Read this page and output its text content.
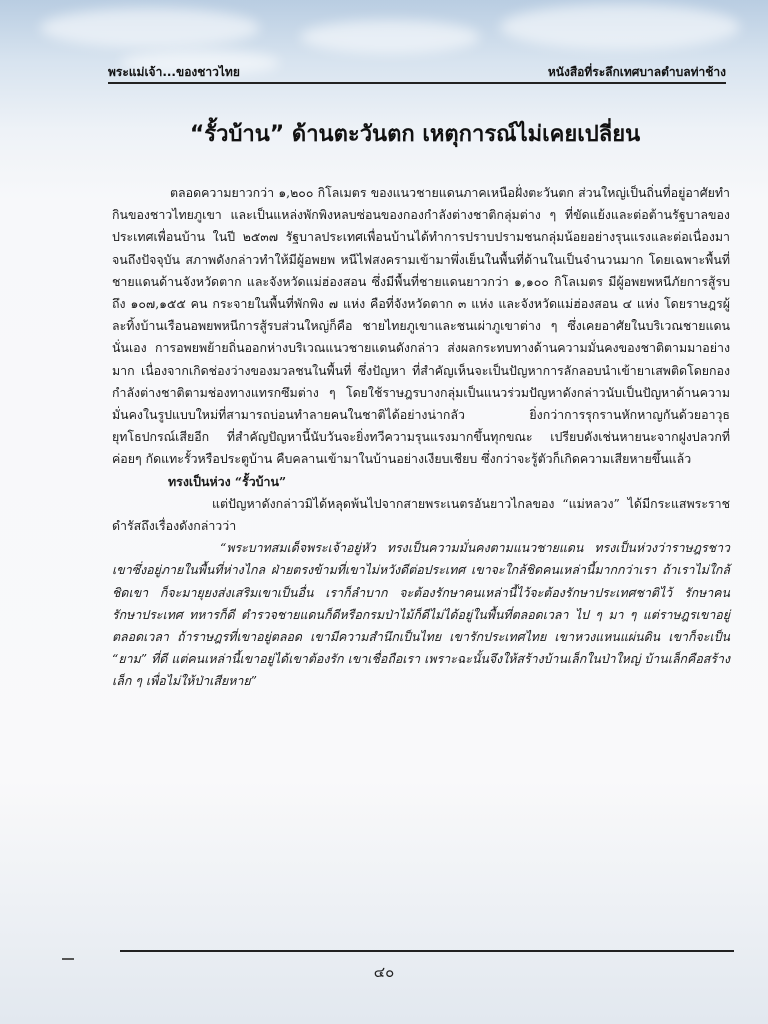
พระแม่เจ้า...ของชาวไทย	หนังสือที่ระลึกเทศบาลตำบลท่าช้าง
“รั้วบ้าน” ด้านตะวันตก เหตุการณ์ไม่เคยเปลี่ยน

ตลอดความยาวกว่า ๑,๒๐๐ กิโลเมตร ของแนวชายแดนภาคเหนือฝั่งตะวันตก ส่วนใหญ่เป็นถิ่นที่อยู่อาศัยทำกินของชาวไทยภูเขา และเป็นแหล่งพักพิงหลบซ่อนของกองกำลังต่างชาติกลุ่มต่าง ๆ ที่ขัดแย้งและต่อต้านรัฐบาลของประเทศเพื่อนบ้าน ในปี ๒๕๓๗ รัฐบาลประเทศเพื่อนบ้านได้ทำการปราบปรามชนกลุ่มน้อยอย่างรุนแรงและต่อเนื่องมาจนถึงปัจจุบัน สภาพดังกล่าวทำให้มีผู้อพยพ หนีไฟสงครามเข้ามาพึ่งเย็นในพื้นที่ด้านในเป็นจำนวนมาก โดยเฉพาะพื้นที่ชายแดนด้านจังหวัดตาก และจังหวัดแม่ฮ่องสอน ซึ่งมีพื้นที่ชายแดนยาวกว่า ๑,๑๐๐ กิโลเมตร มีผู้อพยพหนีภัยการสู้รบถึง ๑๐๗,๑๕๕ คน กระจายในพื้นที่พักพิง ๗ แห่ง คือที่จังหวัดตาก ๓ แห่ง และจังหวัดแม่ฮ่องสอน ๔ แห่ง โดยราษฎรผู้ละทิ้งบ้านเรือนอพยพหนีการสู้รบส่วนใหญ่ก็คือ ชายไทยภูเขาและชนเผ่าภูเขาต่าง ๆ ซึ่งเคยอาศัยในบริเวณชายแดนนั่นเอง การอพยพย้ายถิ่นออกห่างบริเวณแนวชายแดนดังกล่าว ส่งผลกระทบทางด้านความมั่นคงของชาติตามมาอย่างมาก เนื่องจากเกิดช่องว่างของมวลชนในพื้นที่ ซึ่งปัญหา ที่สำคัญเห็นจะเป็นปัญหาการลักลอบนำเข้ายาเสพติดโดยกองกำลังต่างชาติตามช่องทางแทรกซึมต่าง ๆ โดยใช้ราษฎรบางกลุ่มเป็นแนวร่วมปัญหาดังกล่าวนับเป็นปัญหาด้านความมั่นคงในรูปแบบใหม่ที่สามารถบ่อนทำลายคนในชาติได้อย่างน่ากลัว ยิ่งกว่าการรุกรานหักหาญกันด้วยอาวุธยุทโธปกรณ์เสียอีก ที่สำคัญปัญหานี้นับวันจะยิ่งทวีความรุนแรงมากขึ้นทุกขณะ เปรียบดังเช่นหายนะจากฝูงปลวกที่ค่อยๆ กัดแทะรั้วหรือประตูบ้าน คืบคลานเข้ามาในบ้านอย่างเงียบเชียบ ซึ่งกว่าจะรู้ตัวก็เกิดความเสียหายขึ้นแล้ว

ทรงเป็นห่วง “รั้วบ้าน”

แต่ปัญหาดังกล่าวมิได้หลุดพ้นไปจากสายพระเนตรอันยาวไกลของ “แม่หลวง” ได้มีกระแสพระราชดำรัสถึงเรื่องดังกล่าวว่า

“พระบาทสมเด็จพระเจ้าอยู่หัว ทรงเป็นความมั่นคงตามแนวชายแดน ทรงเป็นห่วงว่าราษฎรชาวเขาซึ่งอยู่ภายในพื้นที่ห่างไกล ฝ่ายตรงข้ามที่เขาไม่หวังดีต่อประเทศ เขาจะใกล้ชิดคนเหล่านี้มากกว่าเรา ถ้าเราไม่ใกล้ชิดเขา ก็จะมายุยงส่งเสริมเขาเป็นอื่น เราก็ลำบาก จะต้องรักษาคนเหล่านี้ไว้จะต้องรักษาประเทศชาติไว้ รักษาคน รักษาประเทศ ทหารก็ดี ตำรวจชายแดนก็ดีหรือกรมป่าไม้ก็ดีไม่ได้อยู่ในพื้นที่ตลอดเวลา ไป ๆ มา ๆ แต่ราษฎรเขาอยู่ตลอดเวลา ถ้าราษฎรที่เขาอยู่ตลอด เขามีความสำนึกเป็นไทย เขารักประเทศไทย เขาหวงแหนแผ่นดิน เขาก็จะเป็น “ยาม” ที่ดี แต่คนเหล่านี้เขาอยู่ได้เขาต้องรัก เขาเชื่อถือเรา เพราะฉะนั้นจึงให้สร้างบ้านเล็กในป่าใหญ่ บ้านเล็กคือสร้างเล็ก ๆ เพื่อไม่ให้ป่าเสียหาย”

๔๐
